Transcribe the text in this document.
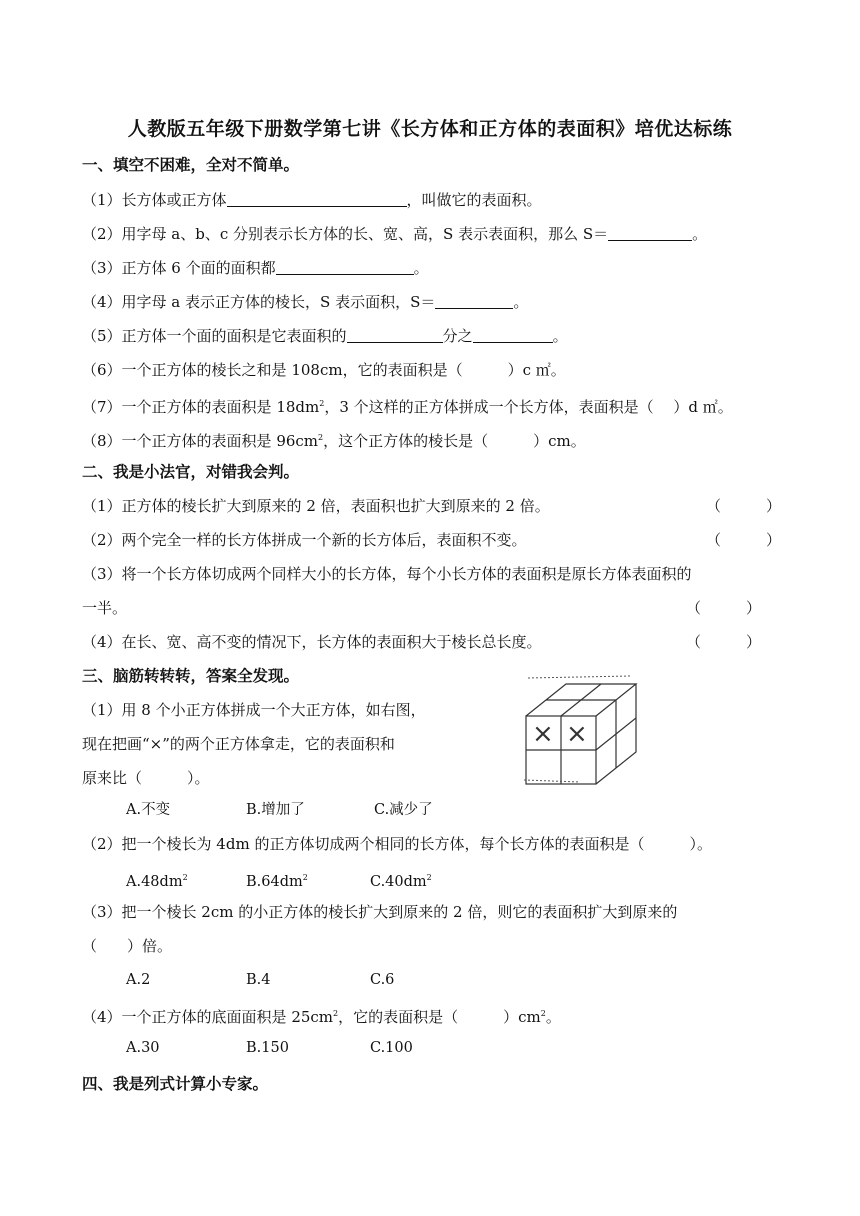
人教版五年级下册数学第七讲《长方体和正方体的表面积》培优达标练
一、填空不困难，全对不简单。
（1）长方体或正方体	，叫做它的表面积。
（2）用字母 a、b、c 分别表示长方体的长、宽、高，S 表示表面积，那么 S＝	。
（3）正方体 6 个面的面积都	。
（4）用字母 a 表示正方体的棱长，S 表示面积，S＝	。
（5）正方体一个面的面积是它表面积的	分之	。
（6）一个正方体的棱长之和是 108cm，它的表面积是（　　　）c ㎡。
（7）一个正方体的表面积是 $18dm^2$，3 个这样的正方体拼成一个长方体，表面积是（　 ）d ㎡。
（8）一个正方体的表面积是 $96cm^2$，这个正方体的棱长是（　　　）cm。
二、我是小法官，对错我会判。
（1）正方体的棱长扩大到原来的 2 倍，表面积也扩大到原来的 2 倍。	（　　　）
（2）两个完全一样的长方体拼成一个新的长方体后，表面积不变。	（　　　）
（3）将一个长方体切成两个同样大小的长方体，每个小长方体的表面积是原长方体表面积的
一半。	（　　　）
（4）在长、宽、高不变的情况下，长方体的表面积大于棱长总长度。	（　　　）
三、脑筋转转转，答案全发现。
（1）用 8 个小正方体拼成一个大正方体，如右图，
现在把画“×”的两个正方体拿走，它的表面积和
原来比（　　　）。
× ×
A.不变	B.增加了	C.减少了
（2）把一个棱长为 4dm 的正方体切成两个相同的长方体，每个长方体的表面积是（　　　）。
$A.48dm^2$	$B.64dm^2$	$C.40dm^2$
（3）把一个棱长 2cm 的小正方体的棱长扩大到原来的 2 倍，则它的表面积扩大到原来的
（　　）倍。
A.2	B.4	C.6
（4）一个正方体的底面面积是 $25cm^2$，它的表面积是（　　　）$cm^2$。
A.30	B.150	C.100
四、我是列式计算小专家。
